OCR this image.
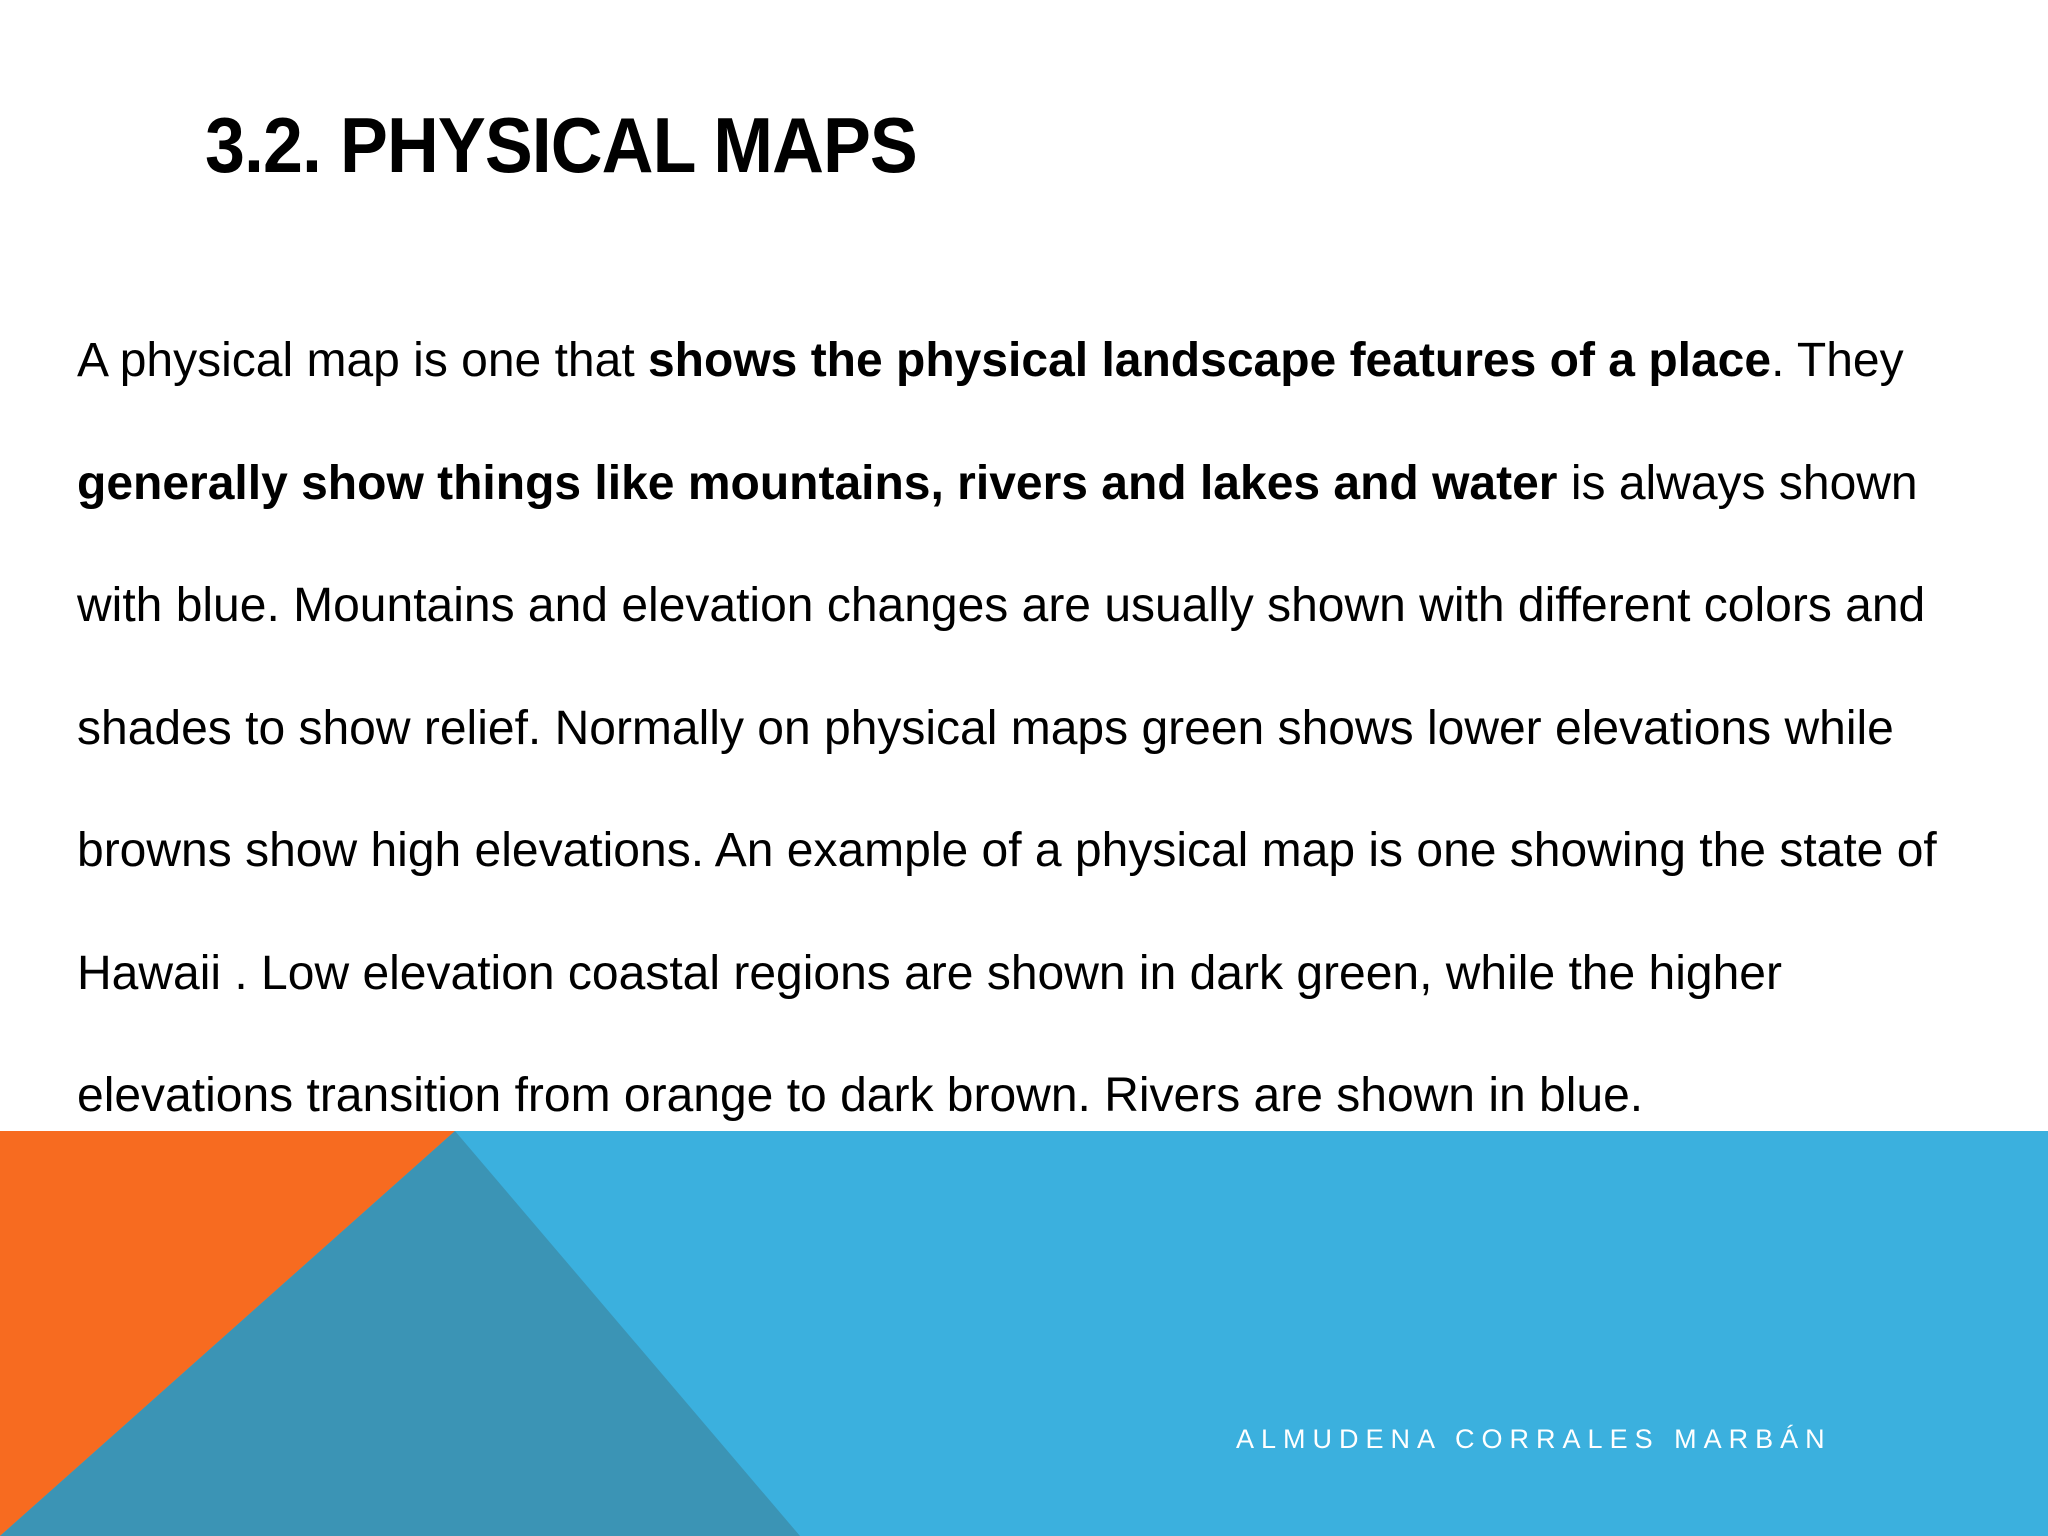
3.2. PHYSICAL MAPS

A physical map is one that shows the physical landscape features of a place. They generally show things like mountains, rivers and lakes and water is always shown with blue. Mountains and elevation changes are usually shown with different colors and shades to show relief. Normally on physical maps green shows lower elevations while browns show high elevations. An example of a physical map is one showing the state of Hawaii . Low elevation coastal regions are shown in dark green, while the higher elevations transition from orange to dark brown. Rivers are shown in blue.

ALMUDENA CORRALES MARBÁN
